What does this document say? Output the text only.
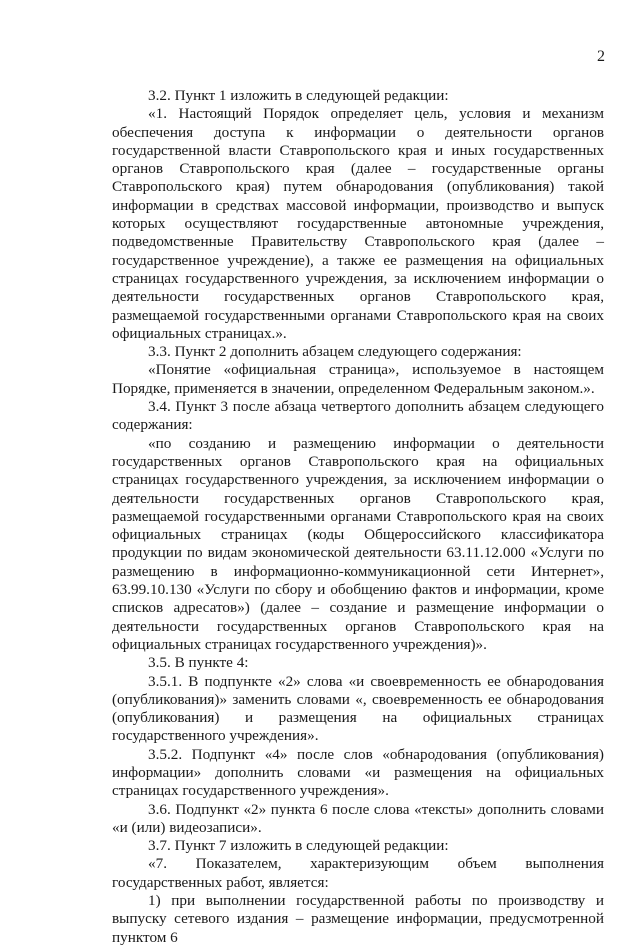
2

3.2. Пункт 1 изложить в следующей редакции:

«1. Настоящий Порядок определяет цель, условия и механизм обеспечения доступа к информации о деятельности органов государственной власти Ставропольского края и иных государственных органов Ставропольского края (далее – государственные органы Ставропольского края) путем обнародования (опубликования) такой информации в средствах массовой информации, производство и выпуск которых осуществляют государственные автономные учреждения, подведомственные Правительству Ставропольского края (далее – государственное учреждение), а также ее размещения на официальных страницах государственного учреждения, за исключением информации о деятельности государственных органов Ставропольского края, размещаемой государственными органами Ставропольского края на своих официальных страницах.».

3.3. Пункт 2 дополнить абзацем следующего содержания:

«Понятие «официальная страница», используемое в настоящем Порядке, применяется в значении, определенном Федеральным законом.».

3.4. Пункт 3 после абзаца четвертого дополнить абзацем следующего содержания:

«по созданию и размещению информации о деятельности государственных органов Ставропольского края на официальных страницах государственного учреждения, за исключением информации о деятельности государственных органов Ставропольского края, размещаемой государственными органами Ставропольского края на своих официальных страницах (коды Общероссийского классификатора продукции по видам экономической деятельности 63.11.12.000 «Услуги по размещению в информационно-коммуникационной сети Интернет», 63.99.10.130 «Услуги по сбору и обобщению фактов и информации, кроме списков адресатов») (далее – создание и размещение информации о деятельности государственных органов Ставропольского края на официальных страницах государственного учреждения)».

3.5. В пункте 4:

3.5.1. В подпункте «2» слова «и своевременность ее обнародования (опубликования)» заменить словами «, своевременность ее обнародования (опубликования) и размещения на официальных страницах государственного учреждения».

3.5.2. Подпункт «4» после слов «обнародования (опубликования) информации» дополнить словами «и размещения на официальных страницах государственного учреждения».

3.6. Подпункт «2» пункта 6 после слова «тексты» дополнить словами «и (или) видеозаписи».

3.7. Пункт 7 изложить в следующей редакции:

«7. Показателем, характеризующим объем выполнения государственных работ, является:

1) при выполнении государственной работы по производству и выпуску сетевого издания – размещение информации, предусмотренной пунктом 6
